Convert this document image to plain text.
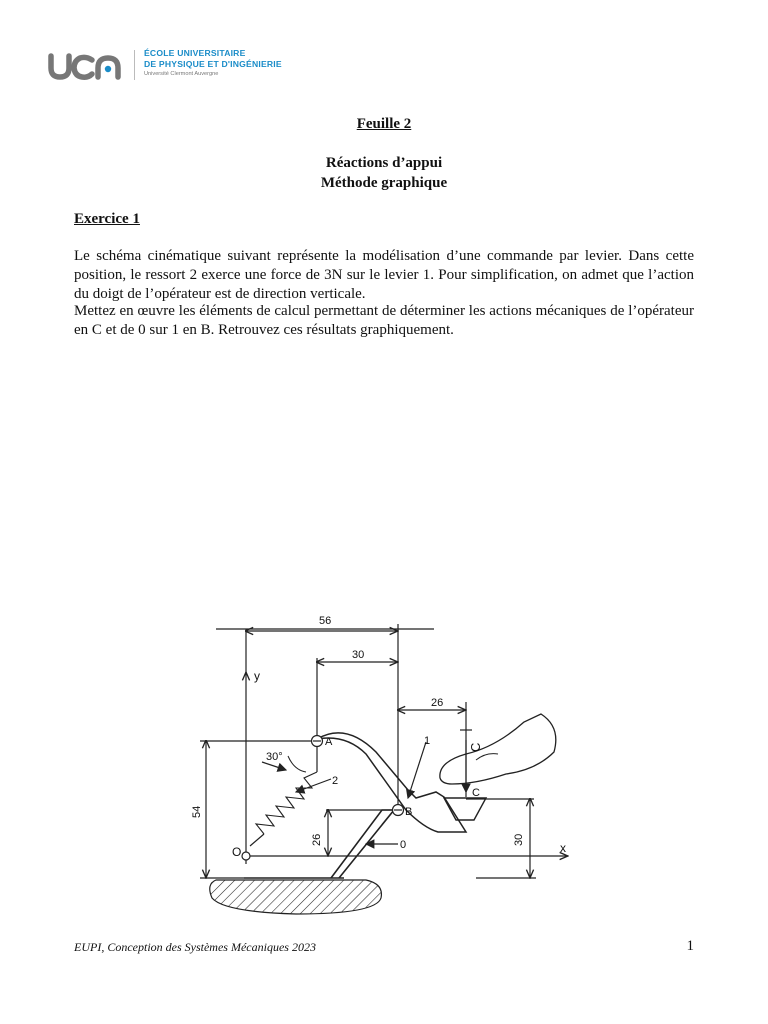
ÉCOLE UNIVERSITAIRE
DE PHYSIQUE ET D'INGÉNIERIE
Université Clermont Auvergne
Feuille 2
Réactions d’appui
Méthode graphique
Exercice 1
Le schéma cinématique suivant représente la modélisation d’une commande par levier. Dans cette position, le ressort 2 exerce une force de 3N sur le levier 1. Pour simplification, on admet que l’action du doigt de l’opérateur est de direction verticale.
Mettez en œuvre les éléments de calcul permettant de déterminer les actions mécaniques de l’opérateur en C et de 0 sur 1 en B. Retrouvez ces résultats graphiquement.
56
30
26
54
26	30
y
x
A
B
C
O
1
2
0
30°
C
EUPI, Conception des Systèmes Mécaniques 2023	1
